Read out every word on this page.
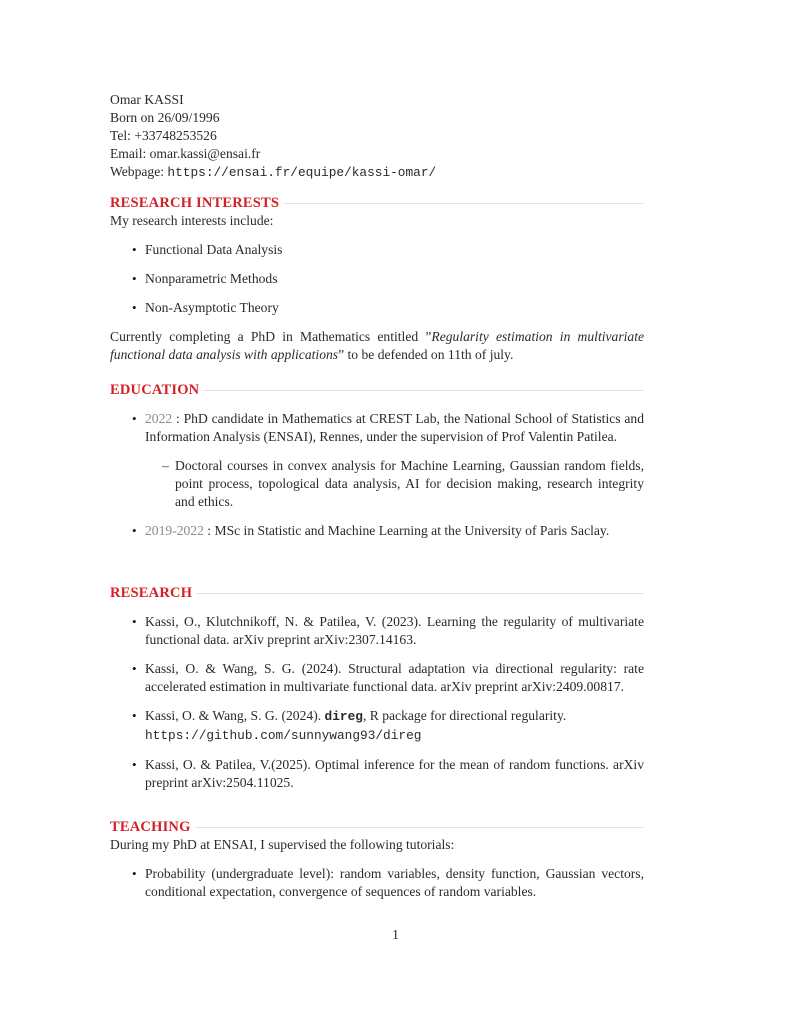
Omar KASSI
Born on 26/09/1996
Tel: +33748253526
Email: omar.kassi@ensai.fr
Webpage: https://ensai.fr/equipe/kassi-omar/
RESEARCH INTERESTS
My research interests include:
• Functional Data Analysis
• Nonparametric Methods
• Non-Asymptotic Theory
Currently completing a PhD in Mathematics entitled ”Regularity estimation in multivariate functional data analysis with applications” to be defended on 11th of july.
EDUCATION
• 2022 : PhD candidate in Mathematics at CREST Lab, the National School of Statistics and Information Analysis (ENSAI), Rennes, under the supervision of Prof Valentin Patilea.
– Doctoral courses in convex analysis for Machine Learning, Gaussian random fields, point process, topological data analysis, AI for decision making, research integrity and ethics.
• 2019-2022 : MSc in Statistic and Machine Learning at the University of Paris Saclay.
RESEARCH
• Kassi, O., Klutchnikoff, N. & Patilea, V. (2023). Learning the regularity of multivariate functional data. arXiv preprint arXiv:2307.14163.
• Kassi, O. & Wang, S. G. (2024). Structural adaptation via directional regularity: rate accelerated estimation in multivariate functional data. arXiv preprint arXiv:2409.00817.
• Kassi, O. & Wang, S. G. (2024). direg, R package for directional regularity.
https://github.com/sunnywang93/direg
• Kassi, O. & Patilea, V.(2025). Optimal inference for the mean of random functions. arXiv preprint arXiv:2504.11025.
TEACHING
During my PhD at ENSAI, I supervised the following tutorials:
• Probability (undergraduate level): random variables, density function, Gaussian vectors, conditional expectation, convergence of sequences of random variables.
1
